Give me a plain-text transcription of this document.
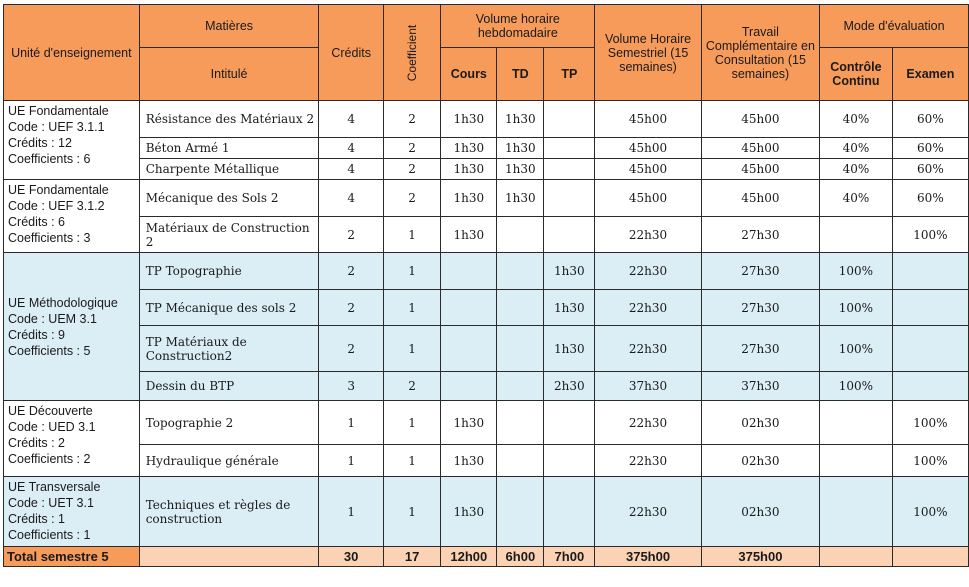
Unité d'enseignement	Matières	Crédits	Coefficient	Volume horaire hebdomadaire			Volume Horaire Semestriel (15 semaines)	Travail Complémentaire en Consultation (15 semaines)	Mode d'évaluation	
	Intitulé			Cours	TD	TP			Contrôle Continu	Examen

UE Fondamentale
Code : UEF 3.1.1
Crédits : 12
Coefficients : 6	Résistance des Matériaux 2	4	2	1h30	1h30		45h00	45h00	40%	60%
	Béton Armé 1	4	2	1h30	1h30		45h00	45h00	40%	60%
	Charpente Métallique	4	2	1h30	1h30		45h00	45h00	40%	60%

UE Fondamentale
Code : UEF 3.1.2
Crédits : 6
Coefficients : 3	Mécanique des Sols 2	4	2	1h30	1h30		45h00	45h00	40%	60%
	Matériaux de Construction 2	2	1	1h30			22h30	27h30		100%

UE Méthodologique
Code : UEM 3.1
Crédits : 9
Coefficients : 5	TP Topographie	2	1			1h30	22h30	27h30	100%	
	TP Mécanique des sols 2	2	1			1h30	22h30	27h30	100%	
	TP Matériaux de Construction2	2	1			1h30	22h30	27h30	100%	
	Dessin du BTP	3	2			2h30	37h30	37h30	100%	

UE Découverte
Code : UED 3.1
Crédits : 2
Coefficients : 2	Topographie 2	1	1	1h30			22h30	02h30		100%
	Hydraulique générale	1	1	1h30			22h30	02h30		100%

UE Transversale
Code : UET 3.1
Crédits : 1
Coefficients : 1	Techniques et règles de construction	1	1	1h30			22h30	02h30		100%
Total semestre 5		30	17	12h00	6h00	7h00	375h00	375h00		
